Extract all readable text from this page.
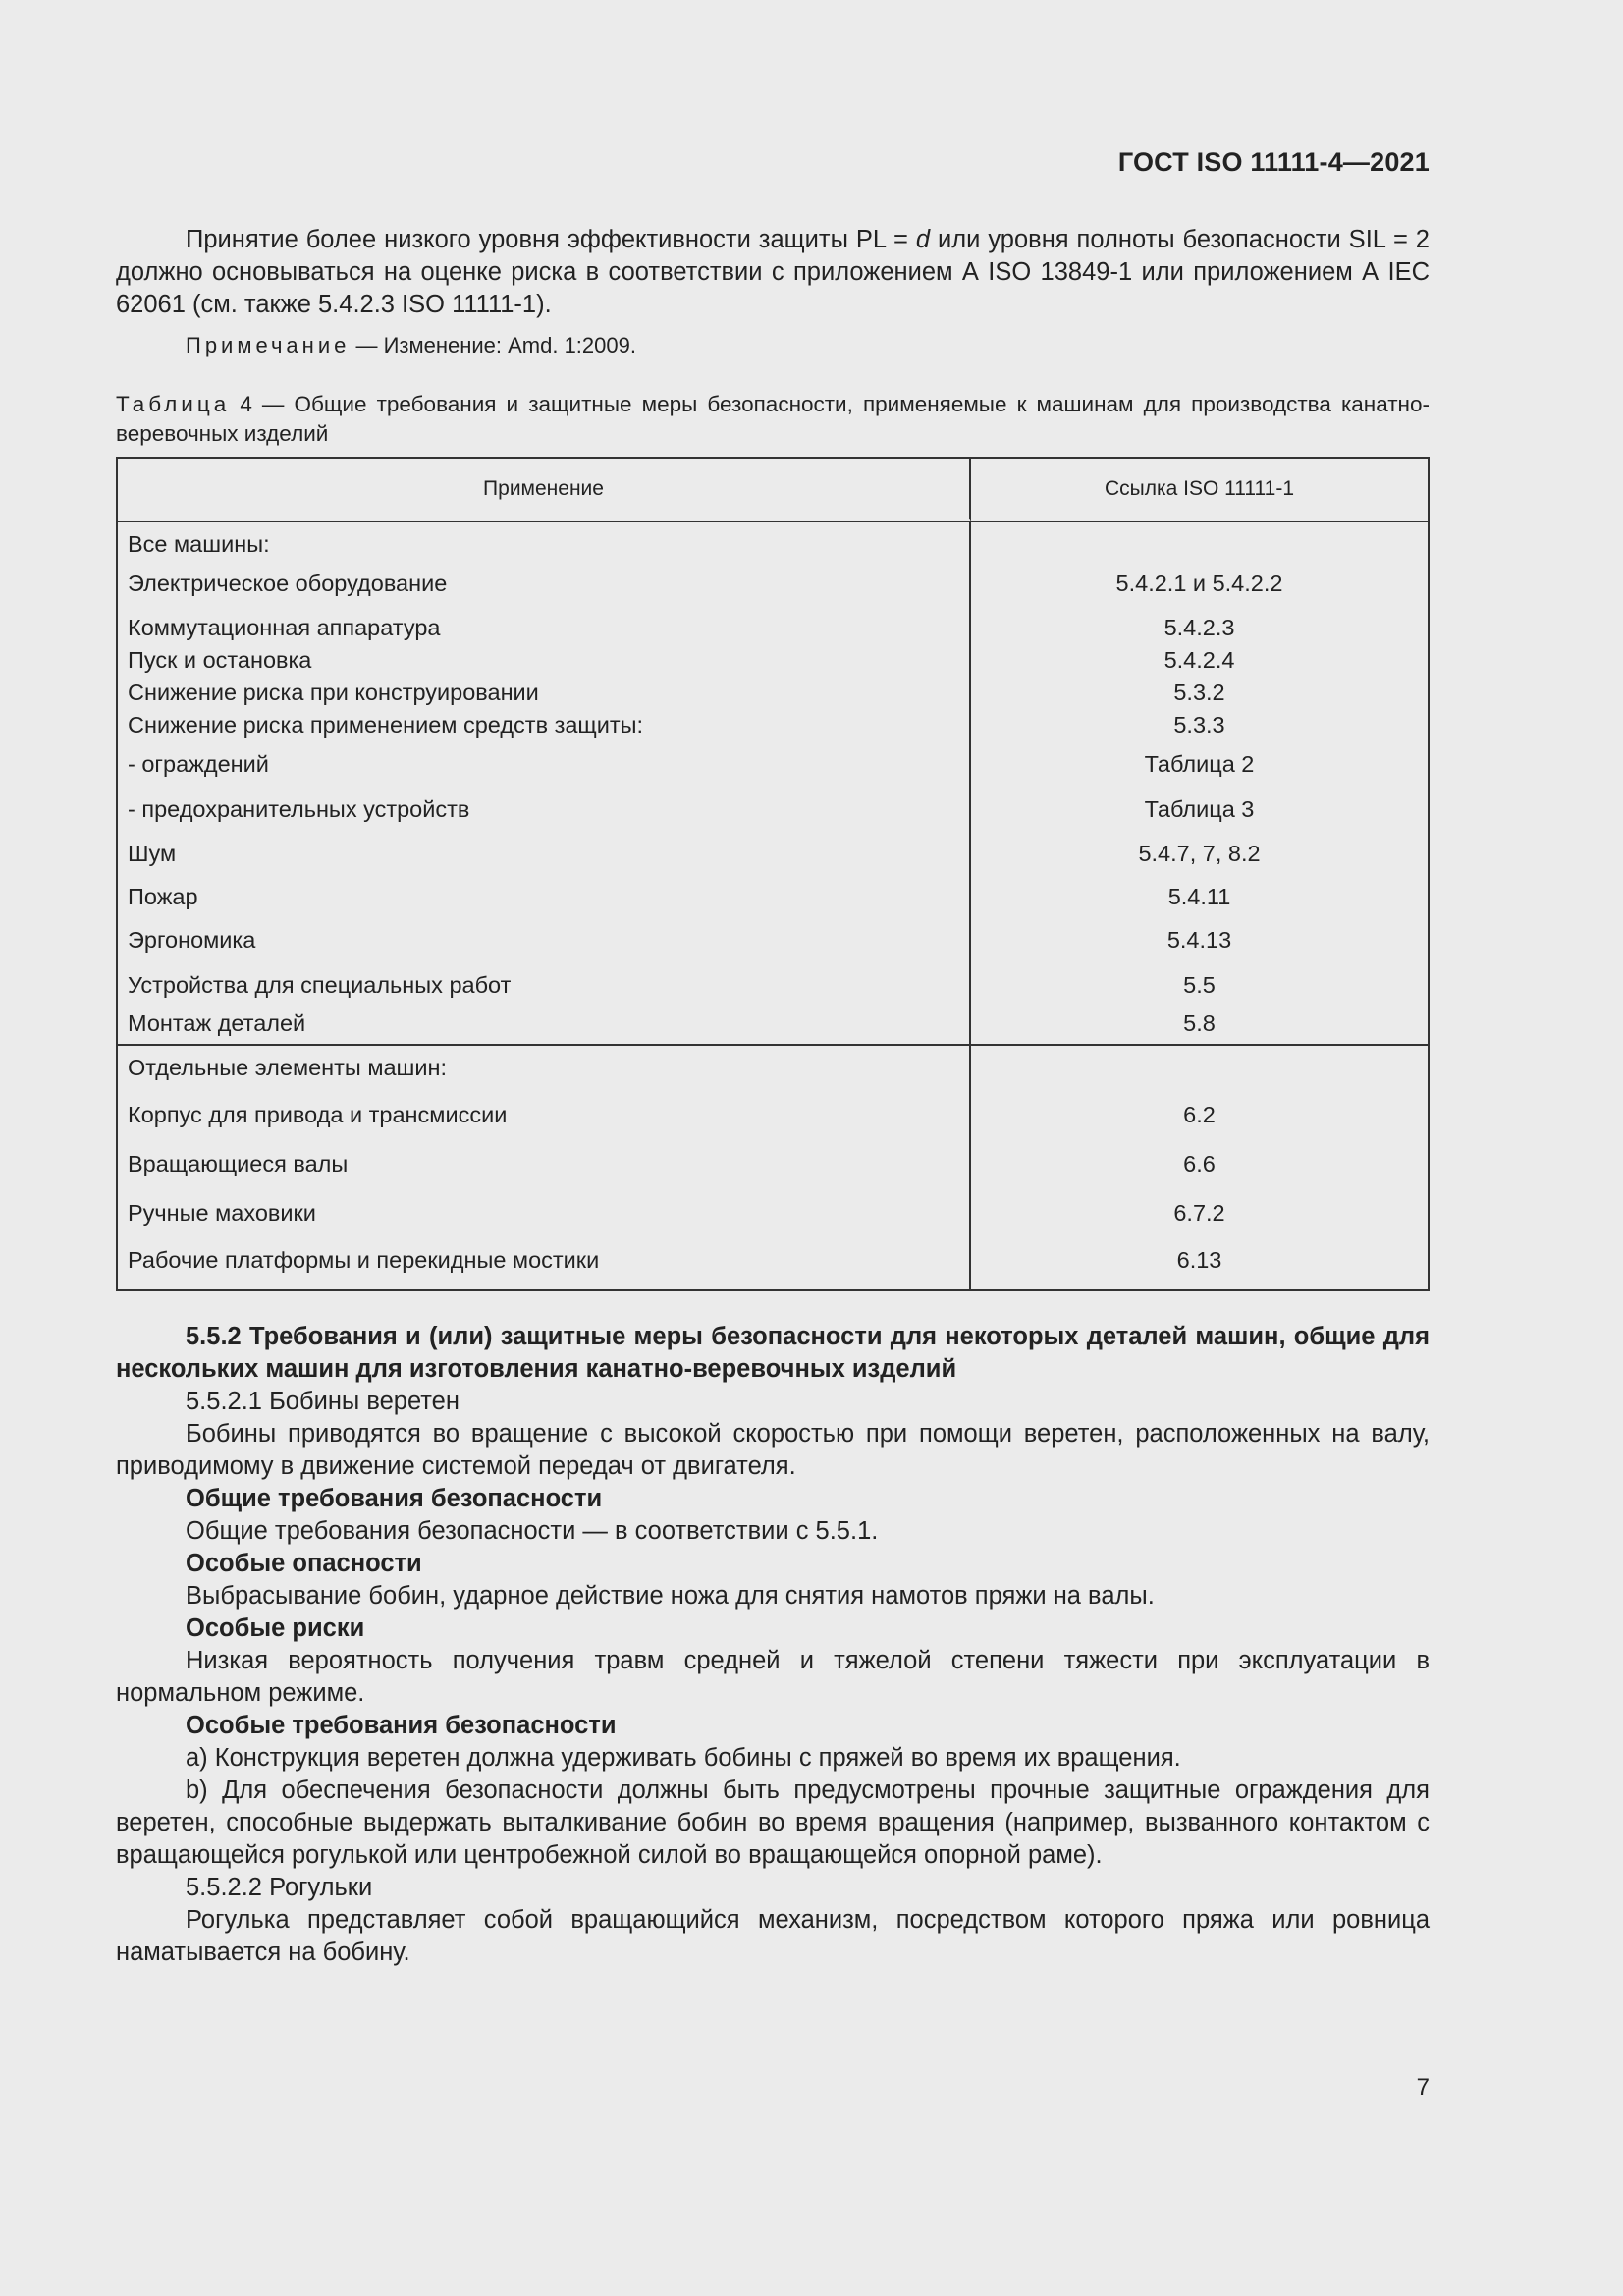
ГОСТ ISO 11111-4—2021

Принятие более низкого уровня эффективности защиты PL = d или уровня полноты безопасности SIL = 2 должно основываться на оценке риска в соответствии с приложением А ISO 13849-1 или приложением А IEC 62061 (см. также 5.4.2.3 ISO 11111-1).

Примечание — Изменение: Amd. 1:2009.

Таблица 4 — Общие требования и защитные меры безопасности, применяемые к машинам для производства канатно-веревочных изделий

Применение	Ссылка ISO 11111-1
Все машины:	
Электрическое оборудование	5.4.2.1 и 5.4.2.2
Коммутационная аппаратура	5.4.2.3
Пуск и остановка	5.4.2.4
Снижение риска при конструировании	5.3.2
Снижение риска применением средств защиты:	5.3.3
- ограждений	Таблица 2
- предохранительных устройств	Таблица 3
Шум	5.4.7, 7, 8.2
Пожар	5.4.11
Эргономика	5.4.13
Устройства для специальных работ	5.5
Монтаж деталей	5.8
Отдельные элементы машин:	
Корпус для привода и трансмиссии	6.2
Вращающиеся валы	6.6
Ручные маховики	6.7.2
Рабочие платформы и перекидные мостики	6.13

5.5.2 Требования и (или) защитные меры безопасности для некоторых деталей машин, общие для нескольких машин для изготовления канатно-веревочных изделий

5.5.2.1 Бобины веретен

Бобины приводятся во вращение с высокой скоростью при помощи веретен, расположенных на валу, приводимому в движение системой передач от двигателя.

Общие требования безопасности

Общие требования безопасности — в соответствии с 5.5.1.

Особые опасности

Выбрасывание бобин, ударное действие ножа для снятия намотов пряжи на валы.

Особые риски

Низкая вероятность получения травм средней и тяжелой степени тяжести при эксплуатации в нормальном режиме.

Особые требования безопасности

a) Конструкция веретен должна удерживать бобины с пряжей во время их вращения.

b) Для обеспечения безопасности должны быть предусмотрены прочные защитные ограждения для веретен, способные выдержать выталкивание бобин во время вращения (например, вызванного контактом с вращающейся рогулькой или центробежной силой во вращающейся опорной раме).

5.5.2.2 Рогульки

Рогулька представляет собой вращающийся механизм, посредством которого пряжа или ровница наматывается на бобину.

7
